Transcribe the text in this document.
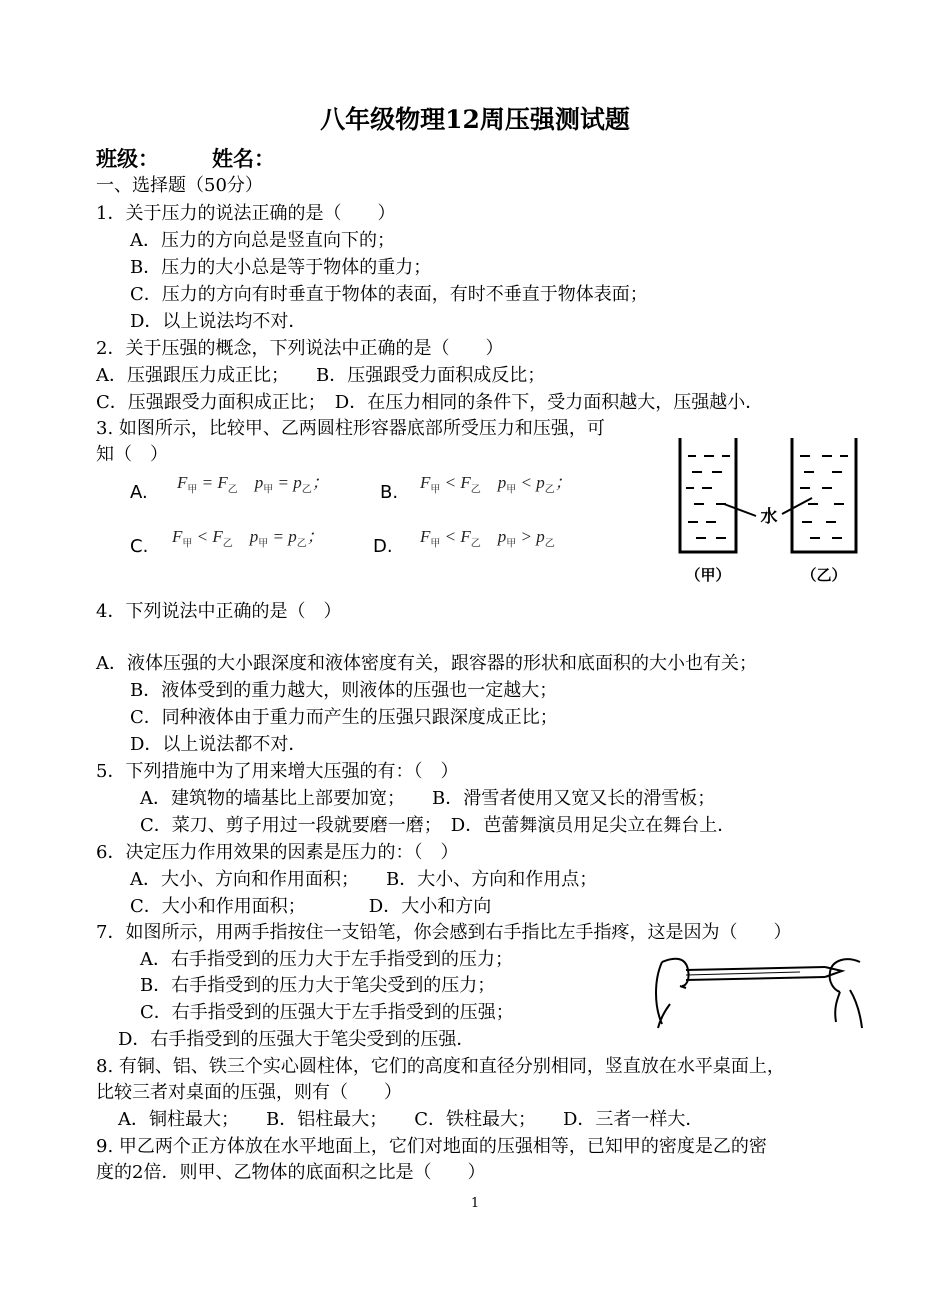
八年级物理12周压强测试题
班级：	姓名：
一、选择题（50分）
1．关于压力的说法正确的是（　　）
A．压力的方向总是竖直向下的；
B．压力的大小总是等于物体的重力；
C．压力的方向有时垂直于物体的表面，有时不垂直于物体表面；
D．以上说法均不对．
2．关于压强的概念，下列说法中正确的是（　　）
A．压强跟压力成正比；　　B．压强跟受力面积成反比；
C．压强跟受力面积成正比；　D．在压力相同的条件下，受力面积越大，压强越小．
3. 如图所示，比较甲、乙两圆柱形容器底部所受压力和压强，可
知（　）
A. $F_甲 = F_乙$ $p_甲 = p_乙$；	B. $F_甲 < F_乙$ $p_甲 < p_乙$；
C. $F_甲 < F_乙$ $p_甲 = p_乙$；	D. $F_甲 < F_乙$ $p_甲 > p_乙$
水
（甲）	（乙）
4．下列说法中正确的是（　）
A．液体压强的大小跟深度和液体密度有关，跟容器的形状和底面积的大小也有关；
B．液体受到的重力越大，则液体的压强也一定越大；
C．同种液体由于重力而产生的压强只跟深度成正比；
D．以上说法都不对．
5．下列措施中为了用来增大压强的有：（　）
A．建筑物的墙基比上部要加宽；　　B．滑雪者使用又宽又长的滑雪板；
C．菜刀、剪子用过一段就要磨一磨；　D．芭蕾舞演员用足尖立在舞台上．
6．决定压力作用效果的因素是压力的：（　）
A．大小、方向和作用面积；　　B．大小、方向和作用点；
C．大小和作用面积；　　　　D．大小和方向
7．如图所示，用两手指按住一支铅笔，你会感到右手指比左手指疼，这是因为（　　）
A．右手指受到的压力大于左手指受到的压力；
B．右手指受到的压力大于笔尖受到的压力；
C．右手指受到的压强大于左手指受到的压强；
D．右手指受到的压强大于笔尖受到的压强．
8. 有铜、铝、铁三个实心圆柱体，它们的高度和直径分别相同，竖直放在水平桌面上，
比较三者对桌面的压强，则有（　　）
A．铜柱最大；　　B．铝柱最大；　　C．铁柱最大；　　D．三者一样大．
9. 甲乙两个正方体放在水平地面上，它们对地面的压强相等，已知甲的密度是乙的密
度的2倍．则甲、乙物体的底面积之比是（　　）
1
